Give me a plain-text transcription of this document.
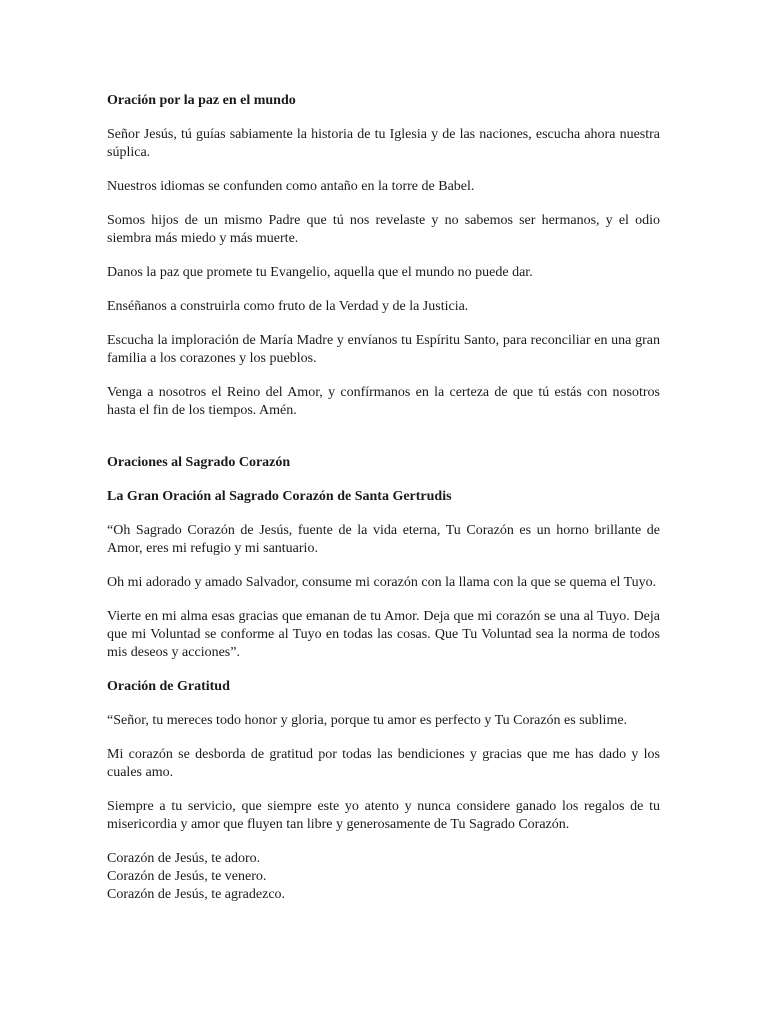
Oración por la paz en el mundo

Señor Jesús, tú guías sabiamente la historia de tu Iglesia y de las naciones, escucha ahora nuestra súplica.

Nuestros idiomas se confunden como antaño en la torre de Babel.

Somos hijos de un mismo Padre que tú nos revelaste y no sabemos ser hermanos, y el odio siembra más miedo y más muerte.

Danos la paz que promete tu Evangelio, aquella que el mundo no puede dar.

Enséñanos a construirla como fruto de la Verdad y de la Justicia.

Escucha la imploración de María Madre y envíanos tu Espíritu Santo, para reconciliar en una gran familia a los corazones y los pueblos.

Venga a nosotros el Reino del Amor, y confírmanos en la certeza de que tú estás con nosotros hasta el fin de los tiempos. Amén.

Oraciones al Sagrado Corazón
La Gran Oración al Sagrado Corazón de Santa Gertrudis

“Oh Sagrado Corazón de Jesús, fuente de la vida eterna, Tu Corazón es un horno brillante de Amor, eres mi refugio y mi santuario.

Oh mi adorado y amado Salvador, consume mi corazón con la llama con la que se quema el Tuyo.

Vierte en mi alma esas gracias que emanan de tu Amor. Deja que mi corazón se una al Tuyo. Deja que mi Voluntad se conforme al Tuyo en todas las cosas. Que Tu Voluntad sea la norma de todos mis deseos y acciones”.

Oración de Gratitud

“Señor, tu mereces todo honor y gloria, porque tu amor es perfecto y Tu Corazón es sublime.

Mi corazón se desborda de gratitud por todas las bendiciones y gracias que me has dado y los cuales amo.

Siempre a tu servicio, que siempre este yo atento y nunca considere ganado los regalos de tu misericordia y amor que fluyen tan libre y generosamente de Tu Sagrado Corazón.

Corazón de Jesús, te adoro.

Corazón de Jesús, te venero.

Corazón de Jesús, te agradezco.
